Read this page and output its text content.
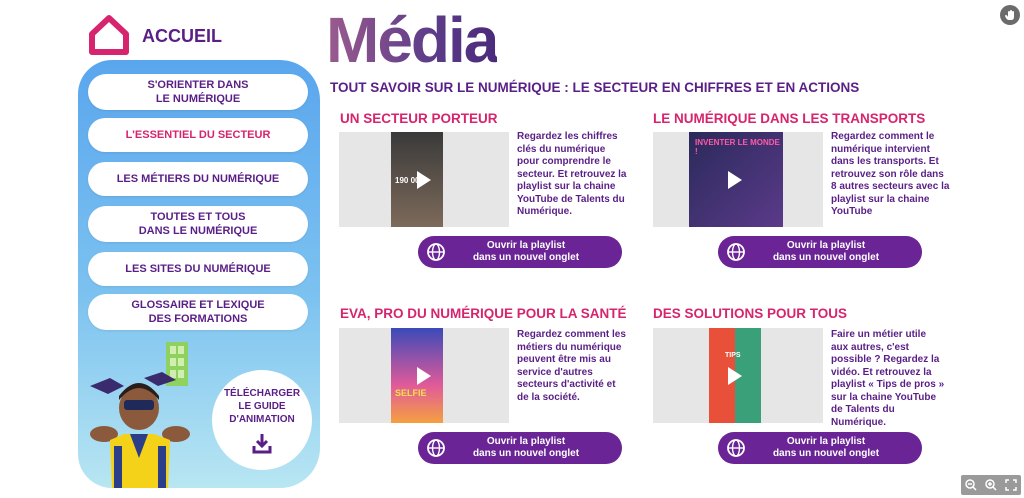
ACCUEIL
S'ORIENTER DANS
LE NUMÉRIQUE
L'ESSENTIEL DU SECTEUR
LES MÉTIERS DU NUMÉRIQUE
TOUTES ET TOUS
DANS LE NUMÉRIQUE
LES SITES DU NUMÉRIQUE
GLOSSAIRE ET LEXIQUE
DES FORMATIONS
TÉLÉCHARGER
LE GUIDE
D'ANIMATION
Média
TOUT SAVOIR SUR LE NUMÉRIQUE : LE SECTEUR EN CHIFFRES ET EN ACTIONS
UN SECTEUR PORTEUR
190 000
Regardez les chiffres clés du numérique pour comprendre le secteur. Et retrouvez la playlist sur la chaine YouTube de Talents du Numérique.
Ouvrir la playlist
dans un nouvel onglet
LE NUMÉRIQUE DANS LES TRANSPORTS
INVENTER LE MONDE !
Regardez comment le numérique intervient dans les transports. Et retrouvez son rôle dans 8 autres secteurs avec la playlist sur la chaine YouTube
Ouvrir la playlist
dans un nouvel onglet
EVA, PRO DU NUMÉRIQUE POUR LA SANTÉ
SELFIE
Regardez comment les métiers du numérique peuvent être mis au service d'autres secteurs d'activité et de la société.
Ouvrir la playlist
dans un nouvel onglet
DES SOLUTIONS POUR TOUS
TIPS
Faire un métier utile aux autres, c'est possible ? Regardez la vidéo. Et retrouvez la playlist « Tips de pros » sur la chaine YouTube de Talents du Numérique.
Ouvrir la playlist
dans un nouvel onglet
